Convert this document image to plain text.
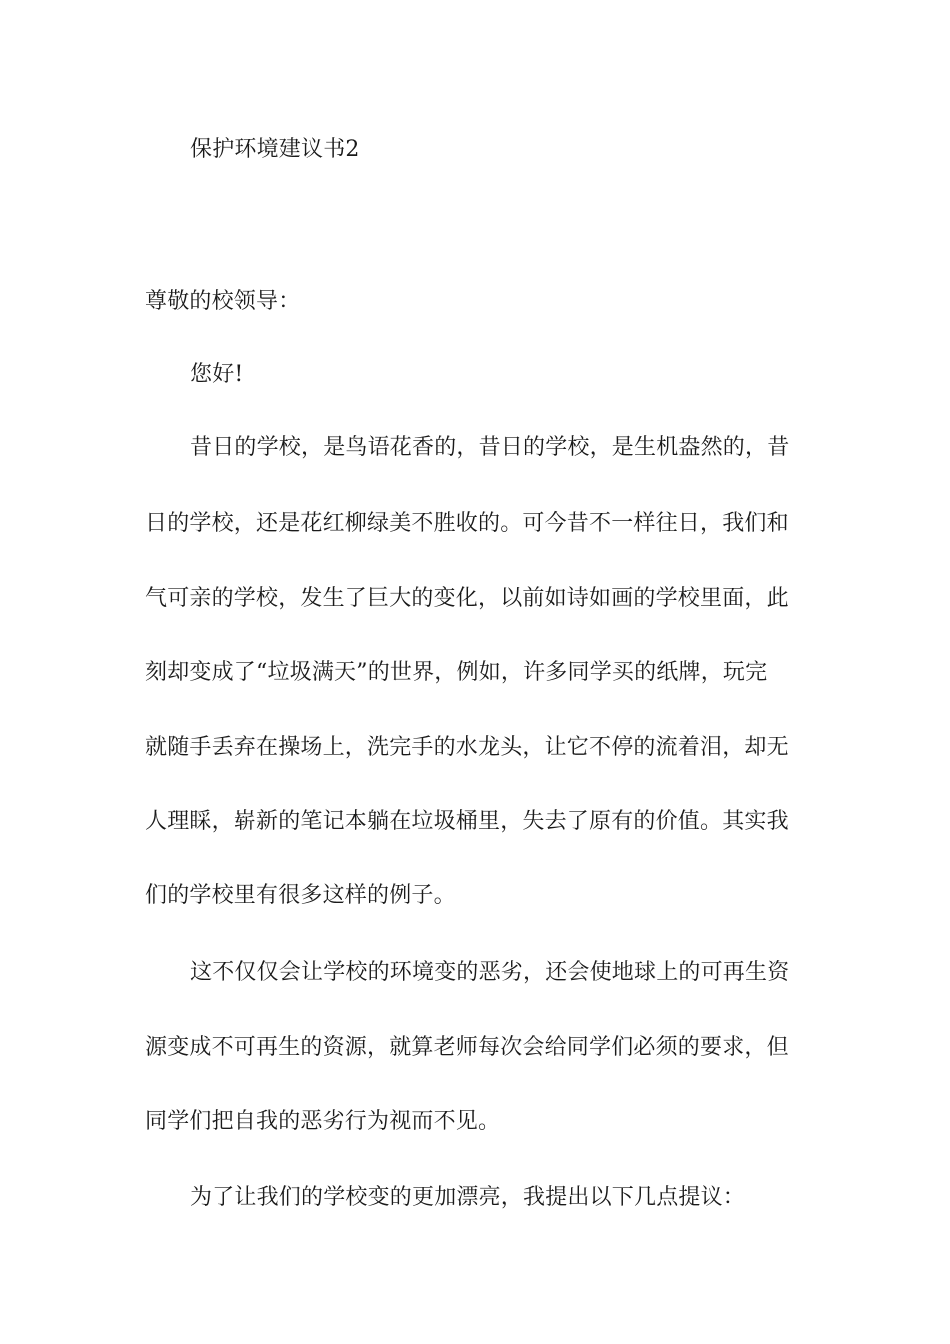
保护环境建议书2
尊敬的校领导：
您好!
昔日的学校，是鸟语花香的，昔日的学校，是生机盎然的，昔
日的学校，还是花红柳绿美不胜收的。可今昔不一样往日，我们和
气可亲的学校，发生了巨大的变化，以前如诗如画的学校里面，此
刻却变成了“垃圾满天”的世界，例如，许多同学买的纸牌，玩完
就随手丢弃在操场上，洗完手的水龙头，让它不停的流着泪，却无
人理睬，崭新的笔记本躺在垃圾桶里，失去了原有的价值。其实我
们的学校里有很多这样的例子。
这不仅仅会让学校的环境变的恶劣，还会使地球上的可再生资
源变成不可再生的资源，就算老师每次会给同学们必须的要求，但
同学们把自我的恶劣行为视而不见。
为了让我们的学校变的更加漂亮，我提出以下几点提议：
